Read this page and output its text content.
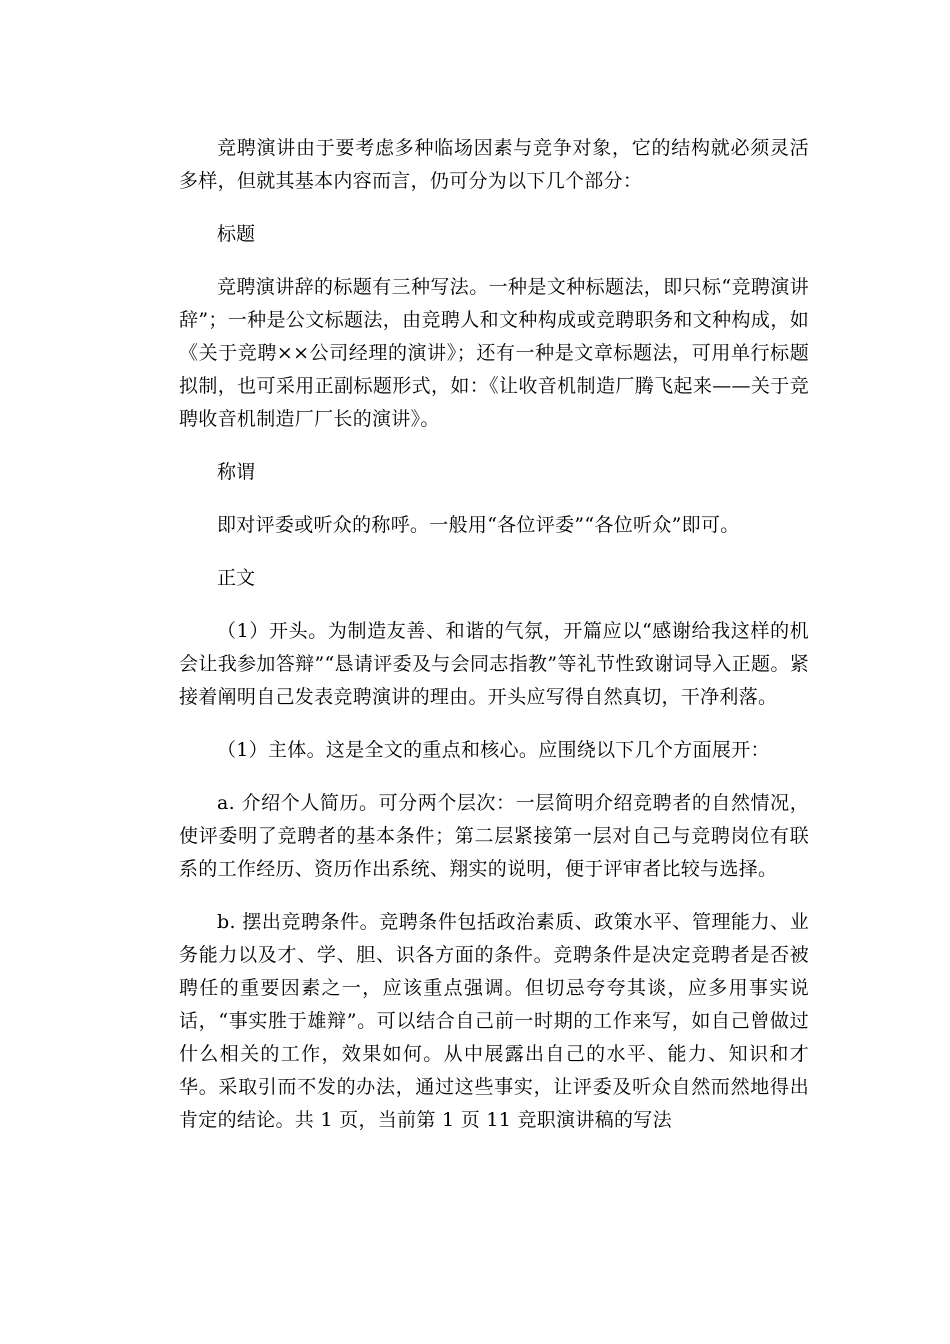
竞聘演讲由于要考虑多种临场因素与竞争对象，它的结构就必须灵活多样，但就其基本内容而言，仍可分为以下几个部分：

标题

竞聘演讲辞的标题有三种写法。一种是文种标题法，即只标“竞聘演讲辞”；一种是公文标题法，由竞聘人和文种构成或竞聘职务和文种构成，如《关于竞聘××公司经理的演讲》；还有一种是文章标题法，可用单行标题拟制，也可采用正副标题形式，如：《让收音机制造厂腾飞起来——关于竞聘收音机制造厂厂长的演讲》。

称谓

即对评委或听众的称呼。一般用“各位评委”“各位听众”即可。

正文

（1）开头。为制造友善、和谐的气氛，开篇应以“感谢给我这样的机会让我参加答辩”“恳请评委及与会同志指教”等礼节性致谢词导入正题。紧接着阐明自己发表竞聘演讲的理由。开头应写得自然真切，干净利落。

（1）主体。这是全文的重点和核心。应围绕以下几个方面展开：

a. 介绍个人简历。可分两个层次：一层简明介绍竞聘者的自然情况，使评委明了竞聘者的基本条件；第二层紧接第一层对自己与竞聘岗位有联系的工作经历、资历作出系统、翔实的说明，便于评审者比较与选择。

b. 摆出竞聘条件。竞聘条件包括政治素质、政策水平、管理能力、业务能力以及才、学、胆、识各方面的条件。竞聘条件是决定竞聘者是否被聘任的重要因素之一，应该重点强调。但切忌夸夸其谈，应多用事实说话，“事实胜于雄辩”。可以结合自己前一时期的工作来写，如自己曾做过什么相关的工作，效果如何。从中展露出自己的水平、能力、知识和才华。采取引而不发的办法，通过这些事实，让评委及听众自然而然地得出肯定的结论。共 1 页，当前第 1 页 11 竞职演讲稿的写法
